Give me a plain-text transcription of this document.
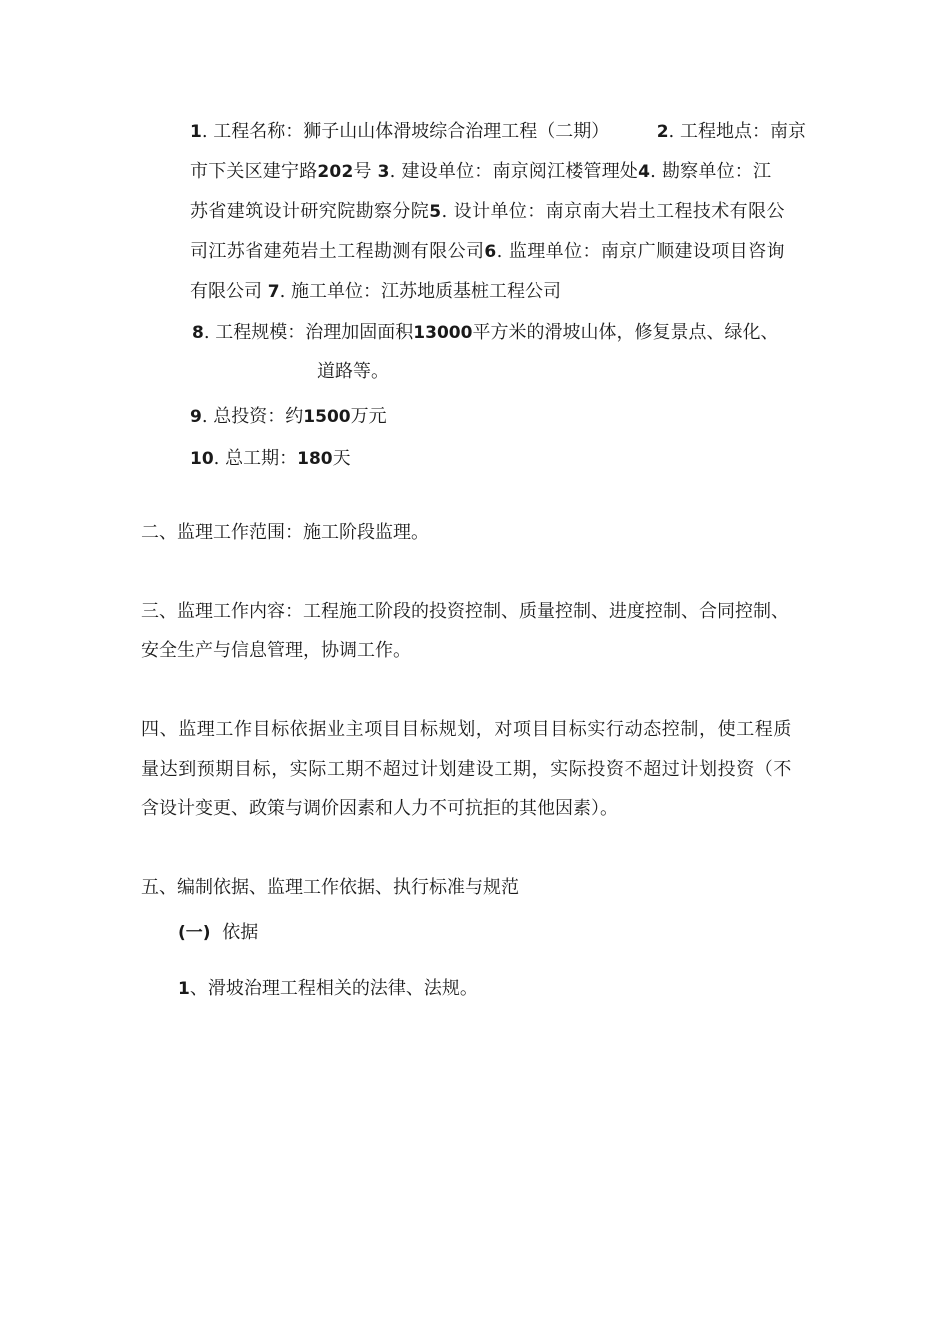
1. 工程名称：狮子山山体滑坡综合治理工程（二期）	2. 工程地点：南京
市下关区建宁路202号 3. 建设单位：南京阅江楼管理处4. 勘察单位：江
苏省建筑设计研究院勘察分院5. 设计单位：南京南大岩土工程技术有限公
司江苏省建苑岩土工程勘测有限公司6. 监理单位：南京广顺建设项目咨询
有限公司 7. 施工单位：江苏地质基桩工程公司
8. 工程规模：治理加固面积13000平方米的滑坡山体，修复景点、绿化、
道路等。
9. 总投资：约1500万元
10. 总工期：180天
二、监理工作范围：施工阶段监理。
三、监理工作内容：工程施工阶段的投资控制、质量控制、进度控制、合同控制、
安全生产与信息管理，协调工作。
四、监理工作目标依据业主项目目标规划，对项目目标实行动态控制，使工程质
量达到预期目标，实际工期不超过计划建设工期，实际投资不超过计划投资（不
含设计变更、政策与调价因素和人力不可抗拒的其他因素）。
五、编制依据、监理工作依据、执行标准与规范
(一) 依据
1、滑坡治理工程相关的法律、法规。
